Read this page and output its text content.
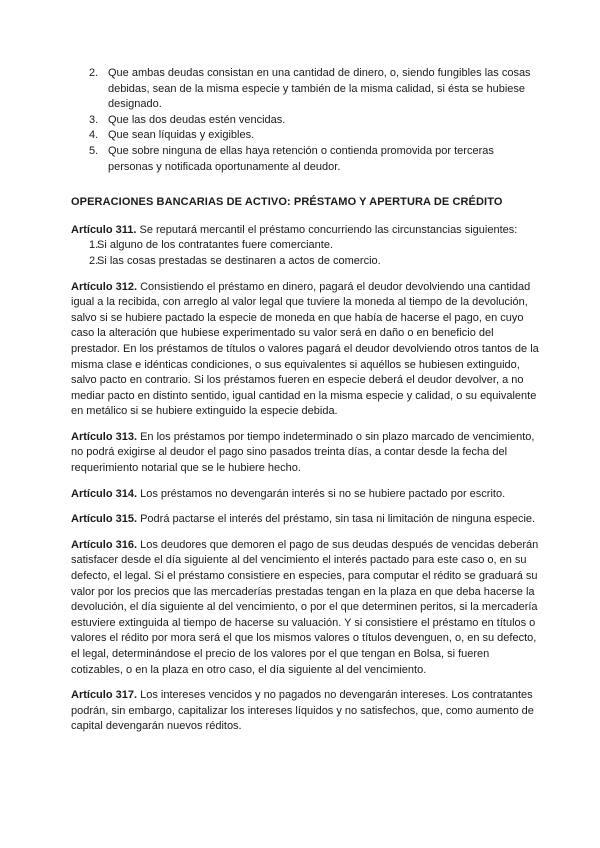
2. Que ambas deudas consistan en una cantidad de dinero, o, siendo fungibles las cosas debidas, sean de la misma especie y también de la misma calidad, si ésta se hubiese designado.
3. Que las dos deudas estén vencidas.
4. Que sean líquidas y exigibles.
5. Que sobre ninguna de ellas haya retención o contienda promovida por terceras personas y notificada oportunamente al deudor.
OPERACIONES BANCARIAS DE ACTIVO: PRÉSTAMO Y APERTURA DE CRÉDITO
Artículo 311. Se reputará mercantil el préstamo concurriendo las circunstancias siguientes:
1.
Si alguno de los contratantes fuere comerciante.
2.
Si las cosas prestadas se destinaren a actos de comercio.

Artículo 312. Consistiendo el préstamo en dinero, pagará el deudor devolviendo una cantidad igual a la recibida, con arreglo al valor legal que tuviere la moneda al tiempo de la devolución, salvo si se hubiere pactado la especie de moneda en que había de hacerse el pago, en cuyo caso la alteración que hubiese experimentado su valor será en daño o en beneficio del prestador. En los préstamos de títulos o valores pagará el deudor devolviendo otros tantos de la misma clase e idénticas condiciones, o sus equivalentes si aquéllos se hubiesen extinguido, salvo pacto en contrario. Si los préstamos fueren en especie deberá el deudor devolver, a no mediar pacto en distinto sentido, igual cantidad en la misma especie y calidad, o su equivalente en metálico si se hubiere extinguido la especie debida.

Artículo 313. En los préstamos por tiempo indeterminado o sin plazo marcado de vencimiento, no podrá exigirse al deudor el pago sino pasados treinta días, a contar desde la fecha del requerimiento notarial que se le hubiere hecho.

Artículo 314. Los préstamos no devengarán interés si no se hubiere pactado por escrito.

Artículo 315. Podrá pactarse el interés del préstamo, sin tasa ni limitación de ninguna especie.

Artículo 316. Los deudores que demoren el pago de sus deudas después de vencidas deberán satisfacer desde el día siguiente al del vencimiento el interés pactado para este caso o, en su defecto, el legal. Si el préstamo consistiere en especies, para computar el rédito se graduará su valor por los precios que las mercaderías prestadas tengan en la plaza en que deba hacerse la devolución, el día siguiente al del vencimiento, o por el que determinen peritos, si la mercadería estuviere extinguida al tiempo de hacerse su valuación. Y si consistiere el préstamo en títulos o valores el rédito por mora será el que los mismos valores o títulos devenguen, o, en su defecto, el legal, determinándose el precio de los valores por el que tengan en Bolsa, si fueren cotizables, o en la plaza en otro caso, el día siguiente al del vencimiento.

Artículo 317. Los intereses vencidos y no pagados no devengarán intereses. Los contratantes podrán, sin embargo, capitalizar los intereses líquidos y no satisfechos, que, como aumento de capital devengarán nuevos réditos.
